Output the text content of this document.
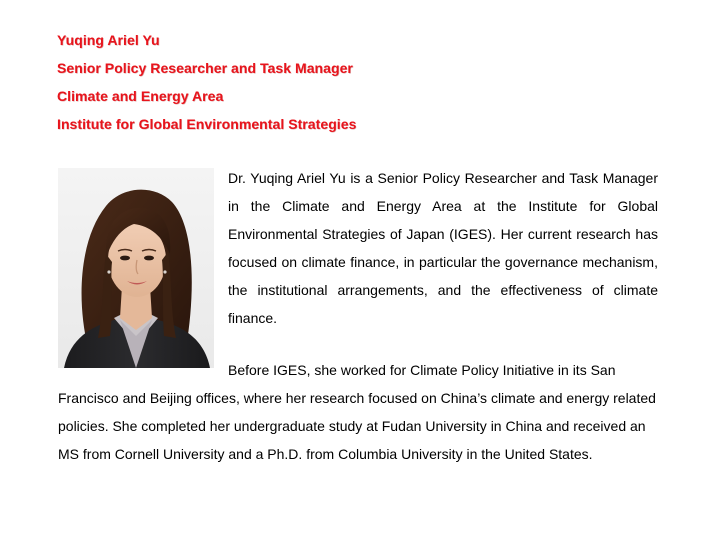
Yuqing Ariel Yu
Senior Policy Researcher and Task Manager
Climate and Energy Area
Institute for Global Environmental Strategies

Dr. Yuqing Ariel Yu is a Senior Policy Researcher and Task Manager in the Climate and Energy Area at the Institute for Global Environmental Strategies of Japan (IGES). Her current research has focused on climate finance, in particular the governance mechanism, the institutional arrangements, and the effectiveness of climate finance.

Before IGES, she worked for Climate Policy Initiative in its San Francisco and Beijing offices, where her research focused on China’s climate and energy related policies. She completed her undergraduate study at Fudan University in China and received an MS from Cornell University and a Ph.D. from Columbia University in the United States.
